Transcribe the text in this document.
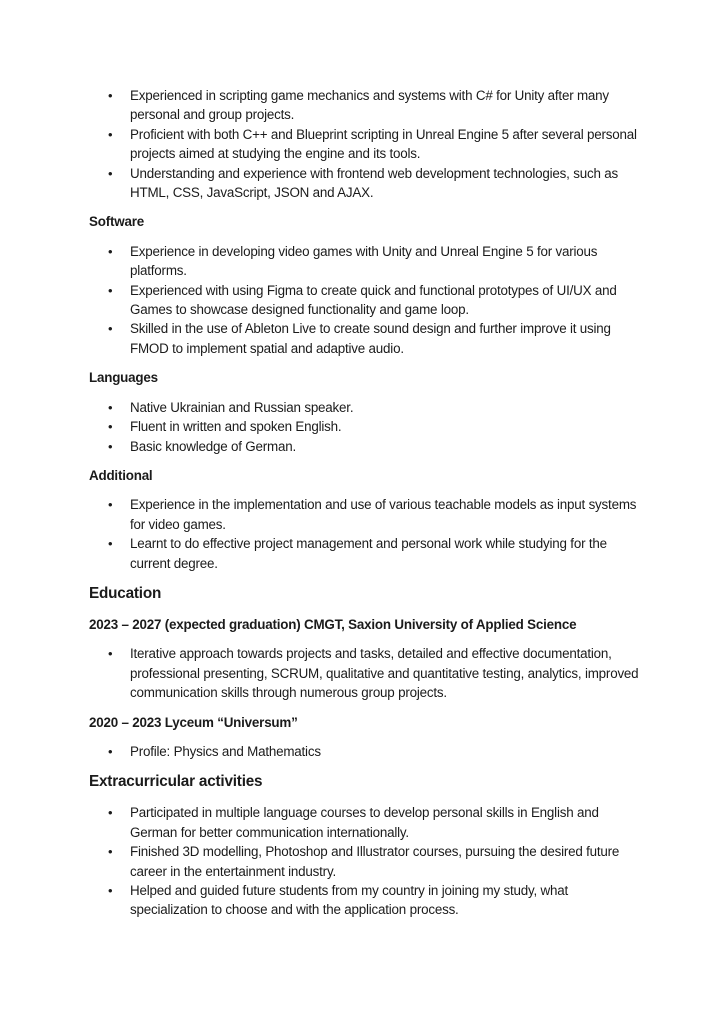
• Experienced in scripting game mechanics and systems with C# for Unity after many personal and group projects.
• Proficient with both C++ and Blueprint scripting in Unreal Engine 5 after several personal projects aimed at studying the engine and its tools.
• Understanding and experience with frontend web development technologies, such as HTML, CSS, JavaScript, JSON and AJAX.
Software
• Experience in developing video games with Unity and Unreal Engine 5 for various platforms.
• Experienced with using Figma to create quick and functional prototypes of UI/UX and Games to showcase designed functionality and game loop.
• Skilled in the use of Ableton Live to create sound design and further improve it using FMOD to implement spatial and adaptive audio.
Languages
• Native Ukrainian and Russian speaker.
• Fluent in written and spoken English.
• Basic knowledge of German.
Additional
• Experience in the implementation and use of various teachable models as input systems for video games.
• Learnt to do effective project management and personal work while studying for the current degree.
Education
2023 – 2027 (expected graduation) CMGT, Saxion University of Applied Science
• Iterative approach towards projects and tasks, detailed and effective documentation, professional presenting, SCRUM, qualitative and quantitative testing, analytics, improved communication skills through numerous group projects.
2020 – 2023 Lyceum “Universum”
• Profile: Physics and Mathematics
Extracurricular activities
• Participated in multiple language courses to develop personal skills in English and German for better communication internationally.
• Finished 3D modelling, Photoshop and Illustrator courses, pursuing the desired future career in the entertainment industry.
• Helped and guided future students from my country in joining my study, what specialization to choose and with the application process.
